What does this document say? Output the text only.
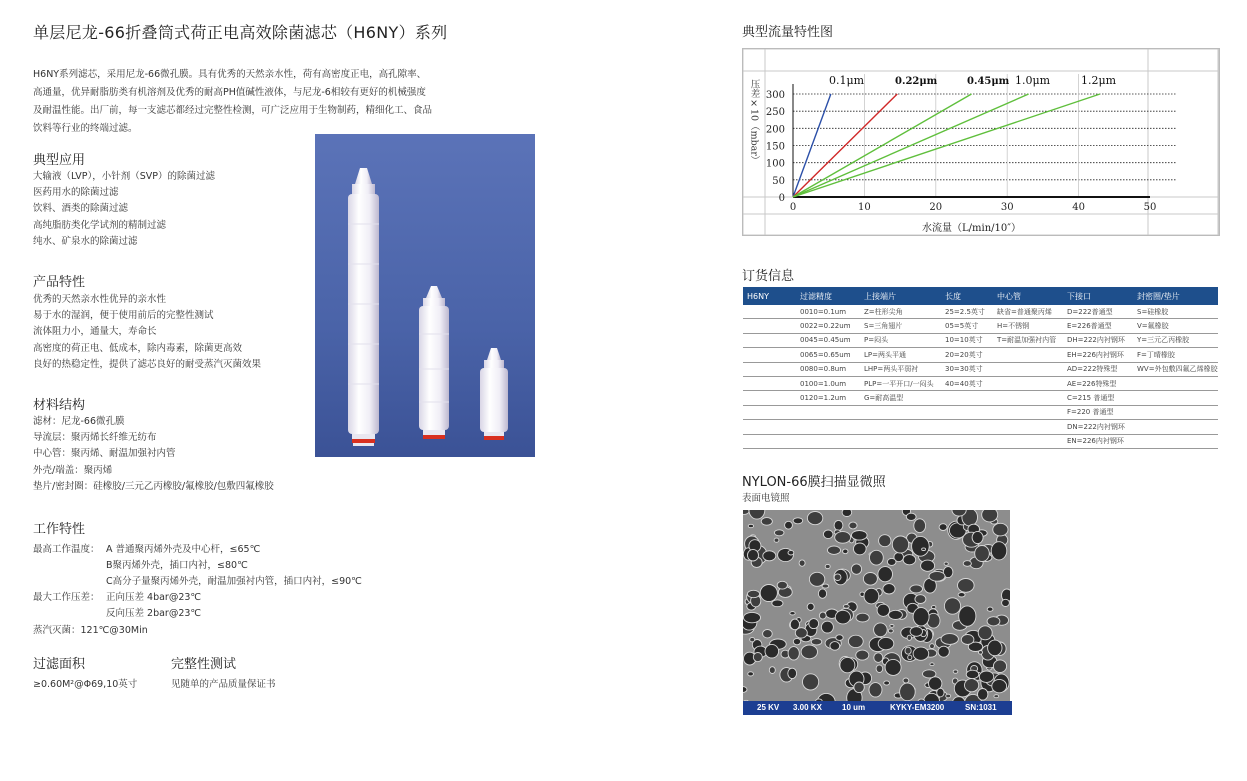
单层尼龙-66折叠筒式荷正电高效除菌滤芯（H6NY）系列
H6NY系列滤芯，采用尼龙-66微孔膜。具有优秀的天然亲水性，荷有高密度正电，高孔隙率、
高通量，优异耐脂肪类有机溶剂及优秀的耐高PH值碱性液体，与尼龙-6相较有更好的机械强度
及耐温性能。出厂前，每一支滤芯都经过完整性检测，可广泛应用于生物制药，精细化工、食品
饮料等行业的终端过滤。
典型应用
大输液（LVP），小针剂（SVP）的除菌过滤
医药用水的除菌过滤
饮料、酒类的除菌过滤
高纯脂肪类化学试剂的精制过滤
纯水、矿泉水的除菌过滤
产品特性
优秀的天然亲水性优异的亲水性
易于水的湿润，便于使用前后的完整性测试
流体阻力小，通量大，寿命长
高密度的荷正电、低成本，除内毒素，除菌更高效
良好的热稳定性，提供了滤芯良好的耐受蒸汽灭菌效果
材料结构
滤材：尼龙-66微孔膜
导流层：聚丙烯长纤维无纺布
中心管：聚丙烯、耐温加强衬内管
外壳/端盖：聚丙烯
垫片/密封圈：硅橡胶/三元乙丙橡胶/氟橡胶/包敷四氟橡胶
工作特性
最高工作温度： A 普通聚丙烯外壳及中心杆，≤65℃
B聚丙烯外壳，插口内衬，≤80℃
C高分子量聚丙烯外壳，耐温加强衬内管，插口内衬，≤90℃
最大工作压差： 正向压差 4bar@23℃
反向压差 2bar@23℃
蒸汽灭菌：121℃@30Min
过滤面积
≥0.60M²@Φ69,10英寸
完整性测试
见随单的产品质量保证书
典型流量特性图
300
250
200
150
100
50
0
0	10	20	30	40	50
水流量（L/min/10″）
压差×10（mbar）	0.1μm	0.22μm	0.45μm 1.0μm	1.2μm
订货信息
H6NY	过滤精度	上接端片	长度	中心管	下接口	封密圈/垫片
	0010=0.1um	Z=柱形尖角	25=2.5英寸	缺省=普通聚丙烯	D=222普通型	S=硅橡胶
	0022=0.22um	S=三角翅片	05=5英寸	H=不锈钢	E=226普通型	V=氟橡胶
	0045=0.45um	P=闷头	10=10英寸	T=耐温加强衬内管	DH=222内衬钢环	Y=三元乙丙橡胶
	0065=0.65um	LP=两头平通	20=20英寸		EH=226内衬钢环	F=丁晴橡胶
	0080=0.8um	LHP=两头平弱衬	30=30英寸		AD=222特殊型	WV=外包敷四氟乙烯橡胶
	0100=1.0um	PLP=一平开口/一闷头	40=40英寸		AE=226特殊型	
	0120=1.2um	G=耐高温型			C=215 普通型	
					F=220 普通型	
					DN=222内衬钢环	
					EN=226内衬钢环	
NYLON-66膜扫描显微照
表面电镜照
25 KV 3.00 KX	10 um	KYKY-EM3200	SN:1031
